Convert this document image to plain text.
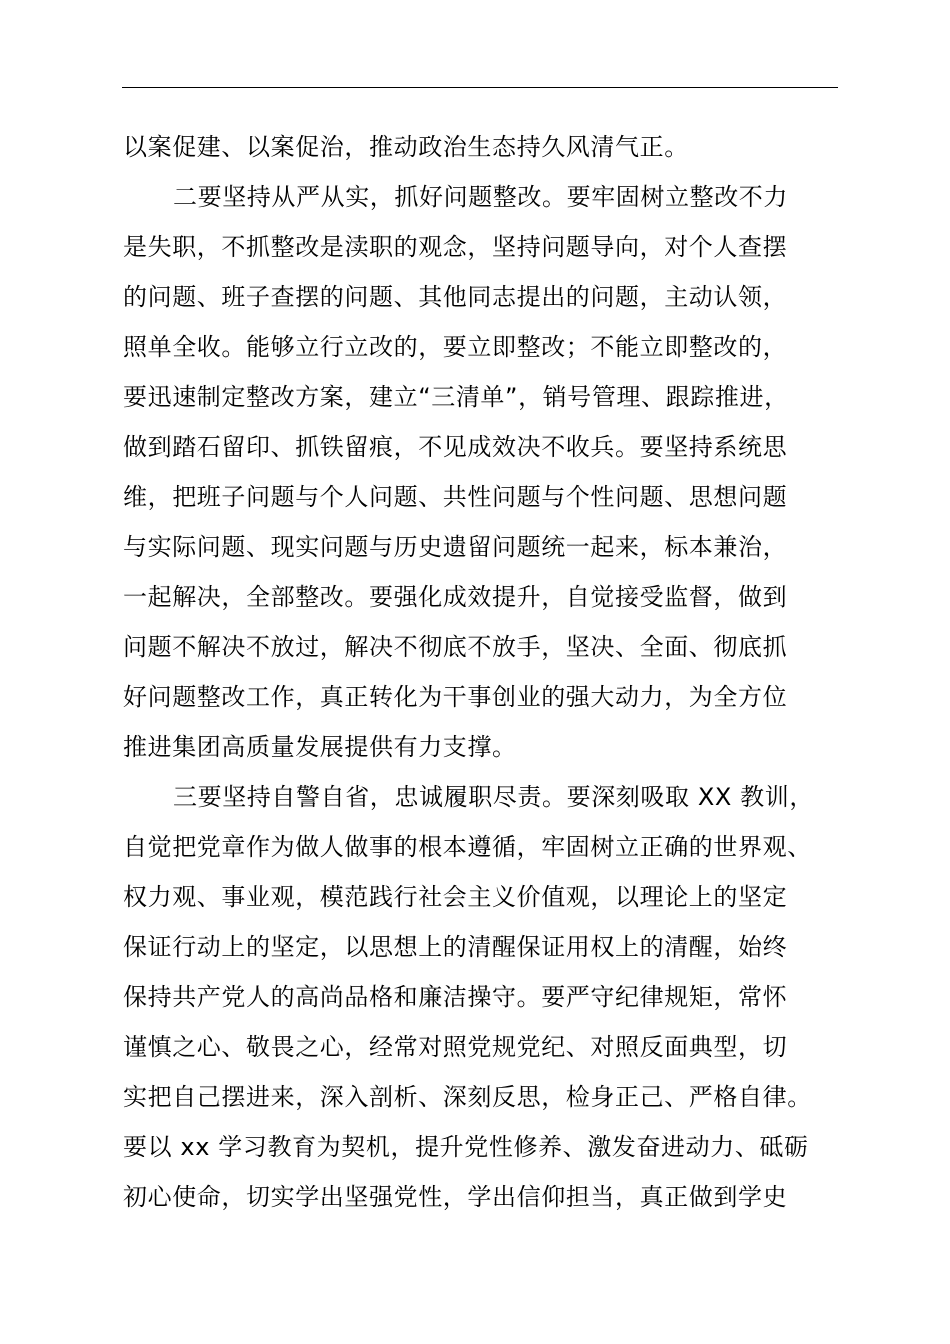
以案促建、以案促治，推动政治生态持久风清气正。
二要坚持从严从实，抓好问题整改。要牢固树立整改不力
是失职，不抓整改是渎职的观念，坚持问题导向，对个人查摆
的问题、班子查摆的问题、其他同志提出的问题，主动认领，
照单全收。能够立行立改的，要立即整改；不能立即整改的，
要迅速制定整改方案，建立“三清单”，销号管理、跟踪推进，
做到踏石留印、抓铁留痕，不见成效决不收兵。要坚持系统思
维，把班子问题与个人问题、共性问题与个性问题、思想问题
与实际问题、现实问题与历史遗留问题统一起来，标本兼治，
一起解决，全部整改。要强化成效提升，自觉接受监督，做到
问题不解决不放过，解决不彻底不放手，坚决、全面、彻底抓
好问题整改工作，真正转化为干事创业的强大动力，为全方位
推进集团高质量发展提供有力支撑。
三要坚持自警自省，忠诚履职尽责。要深刻吸取 XX 教训，
自觉把党章作为做人做事的根本遵循，牢固树立正确的世界观、
权力观、事业观，模范践行社会主义价值观，以理论上的坚定
保证行动上的坚定，以思想上的清醒保证用权上的清醒，始终
保持共产党人的高尚品格和廉洁操守。要严守纪律规矩，常怀
谨慎之心、敬畏之心，经常对照党规党纪、对照反面典型，切
实把自己摆进来，深入剖析、深刻反思，检身正己、严格自律。
要以 xx 学习教育为契机，提升党性修养、激发奋进动力、砥砺
初心使命，切实学出坚强党性，学出信仰担当，真正做到学史
